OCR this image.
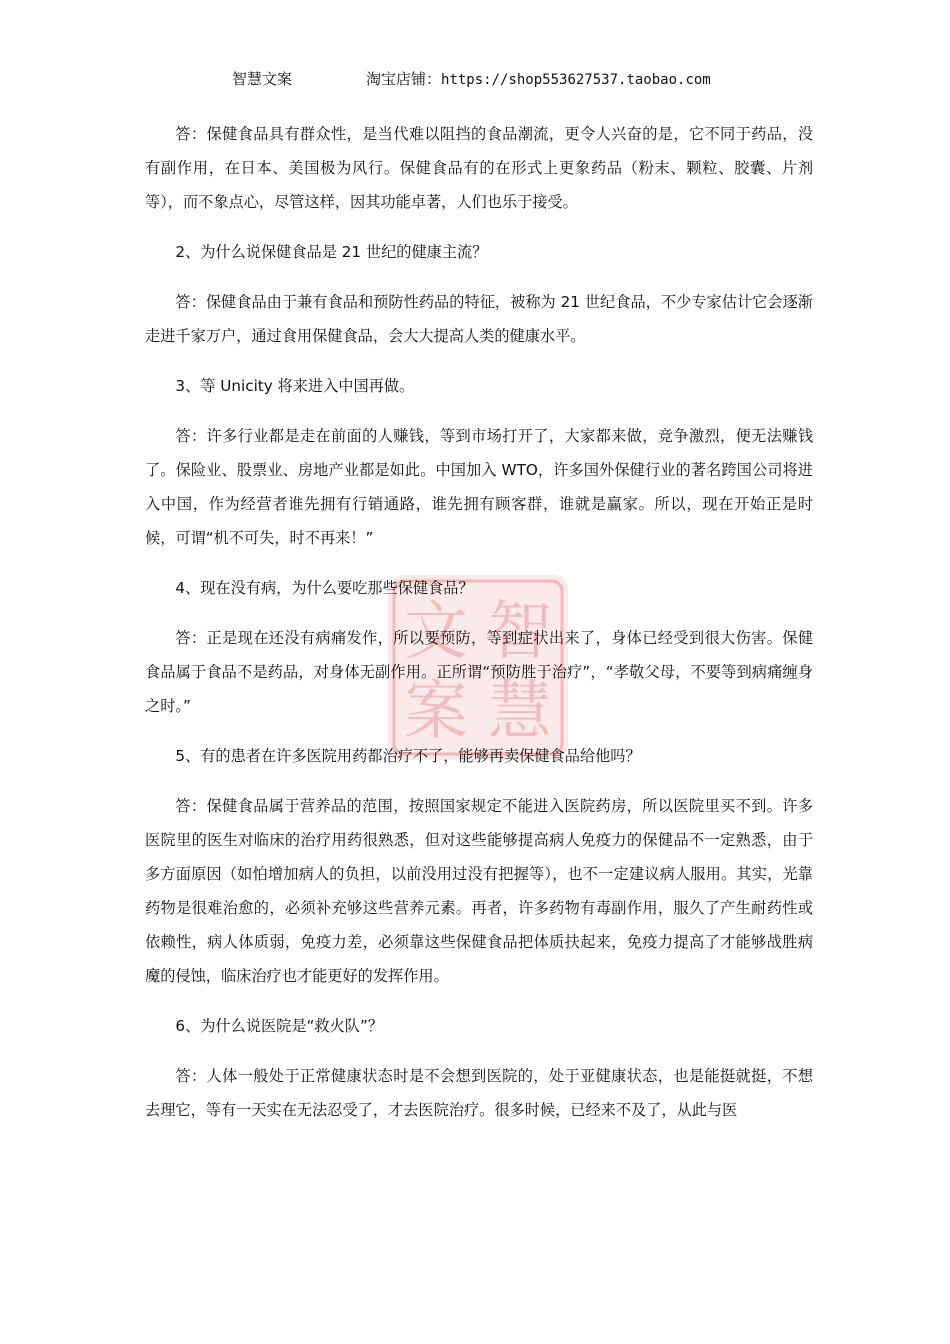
智慧文案	淘宝店铺：https://shop553627537.taobao.com
智
慧
文
案

答：保健食品具有群众性，是当代难以阻挡的食品潮流，更令人兴奋的是，它不同于药品，没有副作用，在日本、美国极为风行。保健食品有的在形式上更象药品（粉末、颗粒、胶囊、片剂等），而不象点心，尽管这样，因其功能卓著，人们也乐于接受。

2、为什么说保健食品是 21 世纪的健康主流？

答：保健食品由于兼有食品和预防性药品的特征，被称为 21 世纪食品，不少专家估计它会逐渐走进千家万户，通过食用保健食品，会大大提高人类的健康水平。

3、等 Unicity 将来进入中国再做。

答：许多行业都是走在前面的人赚钱，等到市场打开了，大家都来做，竞争激烈，便无法赚钱了。保险业、股票业、房地产业都是如此。中国加入 WTO，许多国外保健行业的著名跨国公司将进入中国，作为经营者谁先拥有行销通路，谁先拥有顾客群，谁就是赢家。所以，现在开始正是时候，可谓“机不可失，时不再来！”

4、现在没有病，为什么要吃那些保健食品？

答：正是现在还没有病痛发作，所以要预防，等到症状出来了，身体已经受到很大伤害。保健食品属于食品不是药品，对身体无副作用。正所谓“预防胜于治疗”，“孝敬父母，不要等到病痛缠身之时。”

5、有的患者在许多医院用药都治疗不了，能够再卖保健食品给他吗？

答：保健食品属于营养品的范围，按照国家规定不能进入医院药房，所以医院里买不到。许多医院里的医生对临床的治疗用药很熟悉，但对这些能够提高病人免疫力的保健品不一定熟悉，由于多方面原因（如怕增加病人的负担，以前没用过没有把握等），也不一定建议病人服用。其实，光靠药物是很难治愈的，必须补充够这些营养元素。再者，许多药物有毒副作用，服久了产生耐药性或依赖性，病人体质弱，免疫力差，必须靠这些保健食品把体质扶起来，免疫力提高了才能够战胜病魔的侵蚀，临床治疗也才能更好的发挥作用。

6、为什么说医院是“救火队”？

答：人体一般处于正常健康状态时是不会想到医院的，处于亚健康状态，也是能挺就挺，不想去理它，等有一天实在无法忍受了，才去医院治疗。很多时候，已经来不及了，从此与医
